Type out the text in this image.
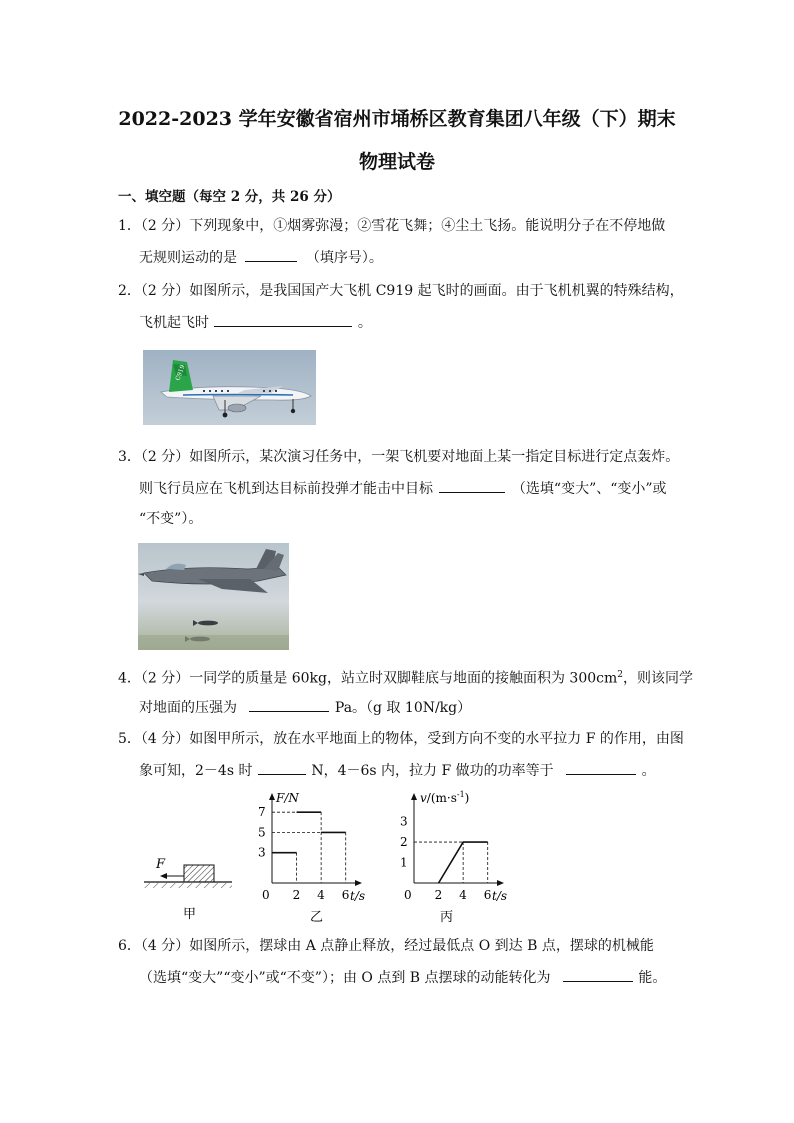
2022-2023 学年安徽省宿州市埇桥区教育集团八年级（下）期末
物理试卷
一、填空题（每空 2 分，共 26 分）
1．（2 分）下列现象中，①烟雾弥漫；②雪花飞舞；④尘土飞扬。能说明分子在不停地做
无规则运动的是	（填序号）。
2．（2 分）如图所示，是我国国产大飞机 C919 起飞时的画面。由于飞机机翼的特殊结构，
飞机起飞时	。
C919
3．（2 分）如图所示，某次演习任务中，一架飞机要对地面上某一指定目标进行定点轰炸。
则飞行员应在飞机到达目标前投弹才能击中目标	（选填“变大”、“变小”或
“不变”）。
4．（2 分）一同学的质量是 60kg，站立时双脚鞋底与地面的接触面积为 $300cm^2$，则该同学
对地面的压强为	Pa。（g 取 10N/kg）
5．（4 分）如图甲所示，放在水平地面上的物体，受到方向不变的水平拉力 F 的作用，由图
象可知，2－4s 时	N，4－6s 内，拉力 F 做功的功率等于	。
F
甲
0 2 4 6
3
5
7
t/s
F/N
乙
0 2 4 6
1
2
3
t/s
$v/(m\cdot s^{-1})$
丙
6．（4 分）如图所示，摆球由 A 点静止释放，经过最低点 O 到达 B 点，摆球的机械能
（选填“变大”“变小”或“不变”）；由 O 点到 B 点摆球的动能转化为	能。
